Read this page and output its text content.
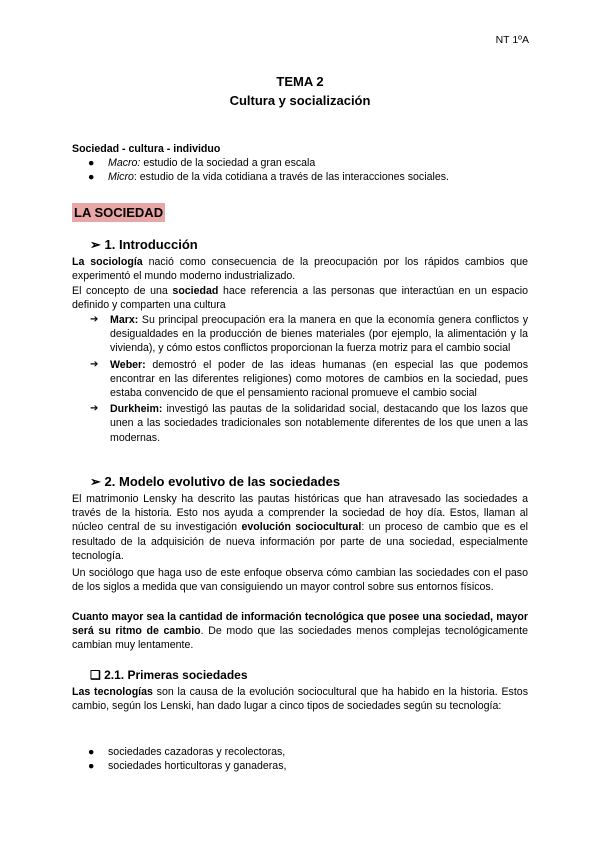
NT 1ºA
TEMA 2
Cultura y socialización
Sociedad - cultura - individuo
● Macro: estudio de la sociedad a gran escala
● Micro: estudio de la vida cotidiana a través de las interacciones sociales.
LA SOCIEDAD
➢ 1. Introducción
La sociología nació como consecuencia de la preocupación por los rápidos cambios que experimentó el mundo moderno industrializado.
El concepto de una sociedad hace referencia a las personas que interactúan en un espacio definido y comparten una cultura
➔ Marx: Su principal preocupación era la manera en que la economía genera conflictos y desigualdades en la producción de bienes materiales (por ejemplo, la alimentación y la vivienda), y cómo estos conflictos proporcionan la fuerza motriz para el cambio social
➔ Weber: demostró el poder de las ideas humanas (en especial las que podemos encontrar en las diferentes religiones) como motores de cambios en la sociedad, pues estaba convencido de que el pensamiento racional promueve el cambio social
➔ Durkheim: investigó las pautas de la solidaridad social, destacando que los lazos que unen a las sociedades tradicionales son notablemente diferentes de los que unen a las modernas.
➢ 2. Modelo evolutivo de las sociedades
El matrimonio Lensky ha descrito las pautas históricas que han atravesado las sociedades a través de la historia. Esto nos ayuda a comprender la sociedad de hoy día. Estos, llaman al núcleo central de su investigación evolución sociocultural: un proceso de cambio que es el resultado de la adquisición de nueva información por parte de una sociedad, especialmente tecnología.
Un sociólogo que haga uso de este enfoque observa cómo cambian las sociedades con el paso de los siglos a medida que van consiguiendo un mayor control sobre sus entornos físicos.
Cuanto mayor sea la cantidad de información tecnológica que posee una sociedad, mayor será su ritmo de cambio. De modo que las sociedades menos complejas tecnológicamente cambian muy lentamente.
❑ 2.1. Primeras sociedades
Las tecnologías son la causa de la evolución sociocultural que ha habido en la historia. Estos cambio, según los Lenski, han dado lugar a cinco tipos de sociedades según su tecnología:
● sociedades cazadoras y recolectoras,
● sociedades horticultoras y ganaderas,
